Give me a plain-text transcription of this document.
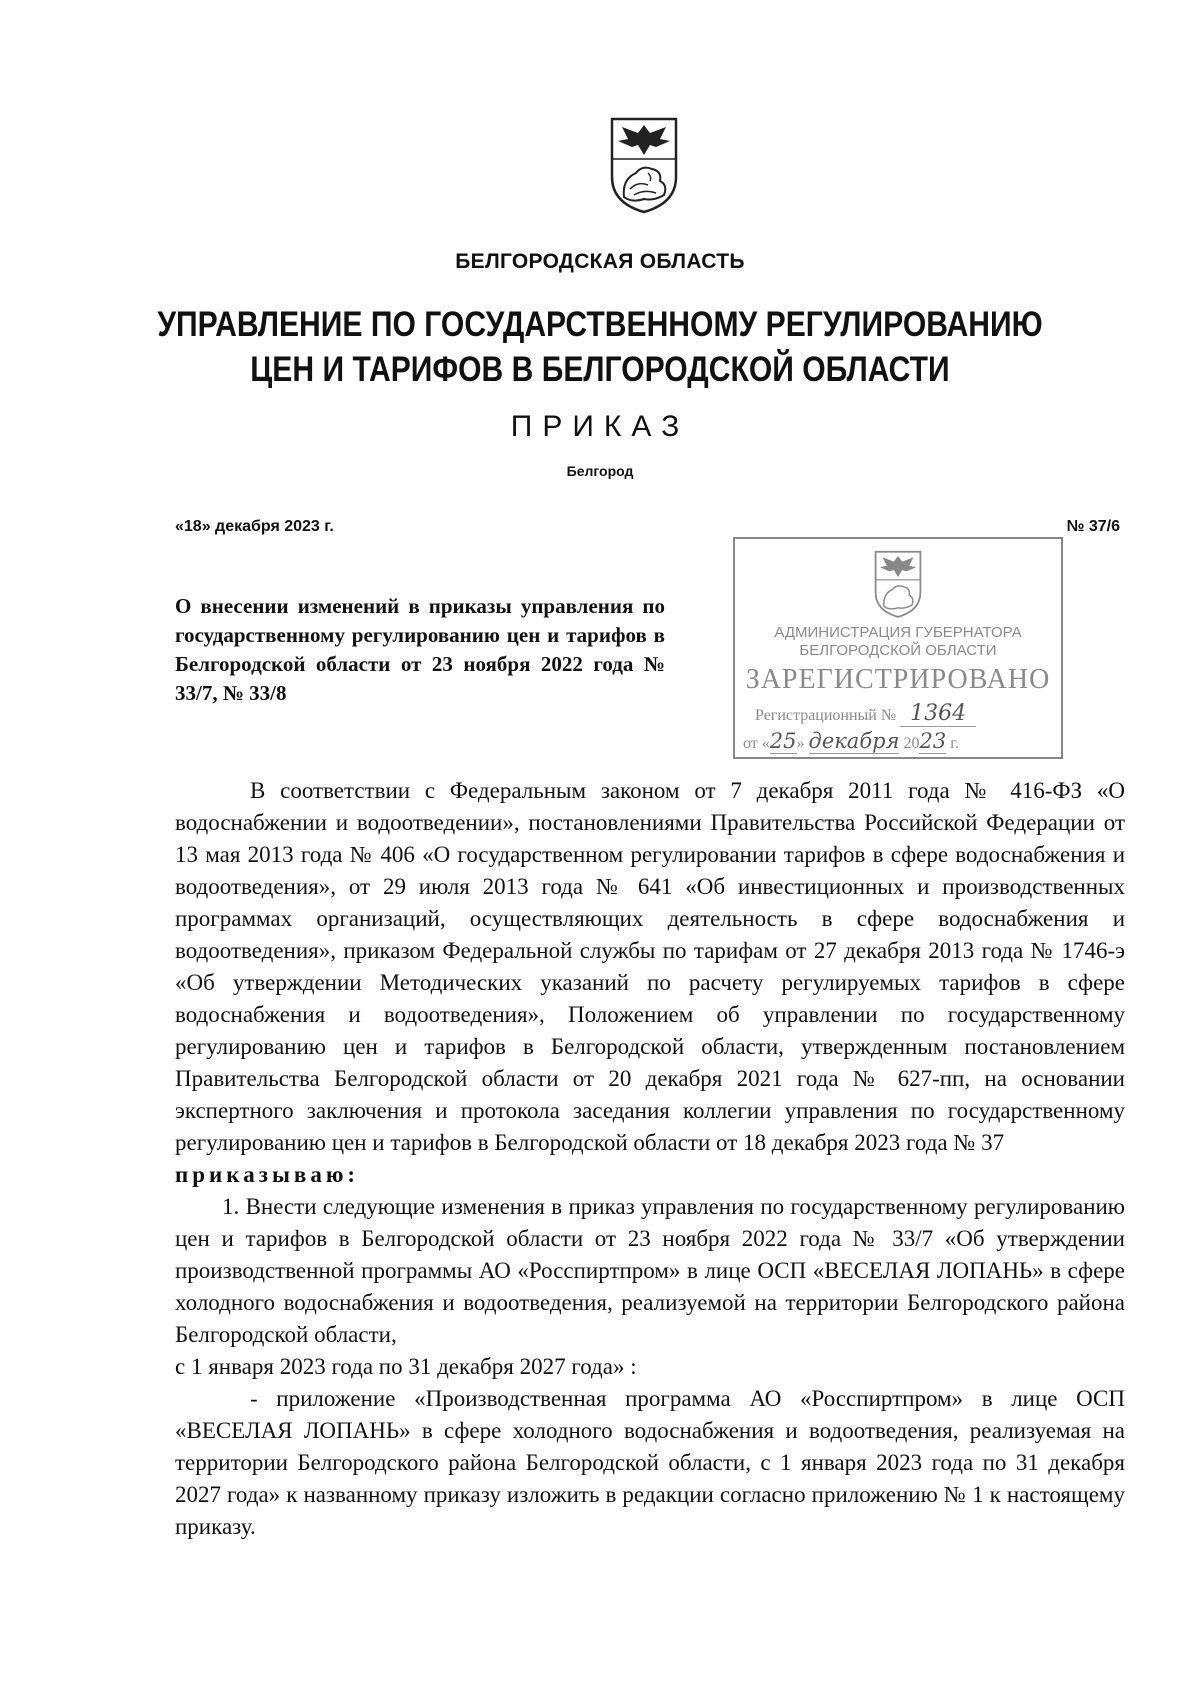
БЕЛГОРОДСКАЯ ОБЛАСТЬ
УПРАВЛЕНИЕ ПО ГОСУДАРСТВЕННОМУ РЕГУЛИРОВАНИЮ
ЦЕН И ТАРИФОВ В БЕЛГОРОДСКОЙ ОБЛАСТИ
ПРИКАЗ
Белгород
«18» декабря 2023 г.	№ 37/6
О внесении изменений в приказы управления по государственному регулированию цен и тарифов в Белгородской области от 23 ноября 2022 года № 33/7, № 33/8
АДМИНИСТРАЦИЯ ГУБЕРНАТОРА
БЕЛГОРОДСКОЙ ОБЛАСТИ
ЗАРЕГИСТРИРОВАНО
Регистрационный № 1364
от «25» декабря 2023 г.

В соответствии с Федеральным законом от 7 декабря 2011 года № 416-ФЗ «О водоснабжении и водоотведении», постановлениями Правительства Российской Федерации от 13 мая 2013 года № 406 «О государственном регулировании тарифов в сфере водоснабжения и водоотведения», от 29 июля 2013 года № 641 «Об инвестиционных и производственных программах организаций, осуществляющих деятельность в сфере водоснабжения и водоотведения», приказом Федеральной службы по тарифам от 27 декабря 2013 года № 1746-э «Об утверждении Методических указаний по расчету регулируемых тарифов в сфере водоснабжения и водоотведения», Положением об управлении по государственному регулированию цен и тарифов в Белгородской области, утвержденным постановлением Правительства Белгородской области от 20 декабря 2021 года № 627-пп, на основании экспертного заключения и протокола заседания коллегии управления по государственному регулированию цен и тарифов в Белгородской области от 18 декабря 2023 года № 37

приказываю:

1. Внести следующие изменения в приказ управления по государственному регулированию цен и тарифов в Белгородской области от 23 ноября 2022 года № 33/7 «Об утверждении производственной программы АО «Росспиртпром» в лице ОСП «ВЕСЕЛАЯ ЛОПАНЬ» в сфере холодного водоснабжения и водоотведения, реализуемой на территории Белгородского района Белгородской области,

с 1 января 2023 года по 31 декабря 2027 года» :

- приложение «Производственная программа АО «Росспиртпром» в лице ОСП «ВЕСЕЛАЯ ЛОПАНЬ» в сфере холодного водоснабжения и водоотведения, реализуемая на территории Белгородского района Белгородской области, с 1 января 2023 года по 31 декабря 2027 года» к названному приказу изложить в редакции согласно приложению № 1 к настоящему приказу.
